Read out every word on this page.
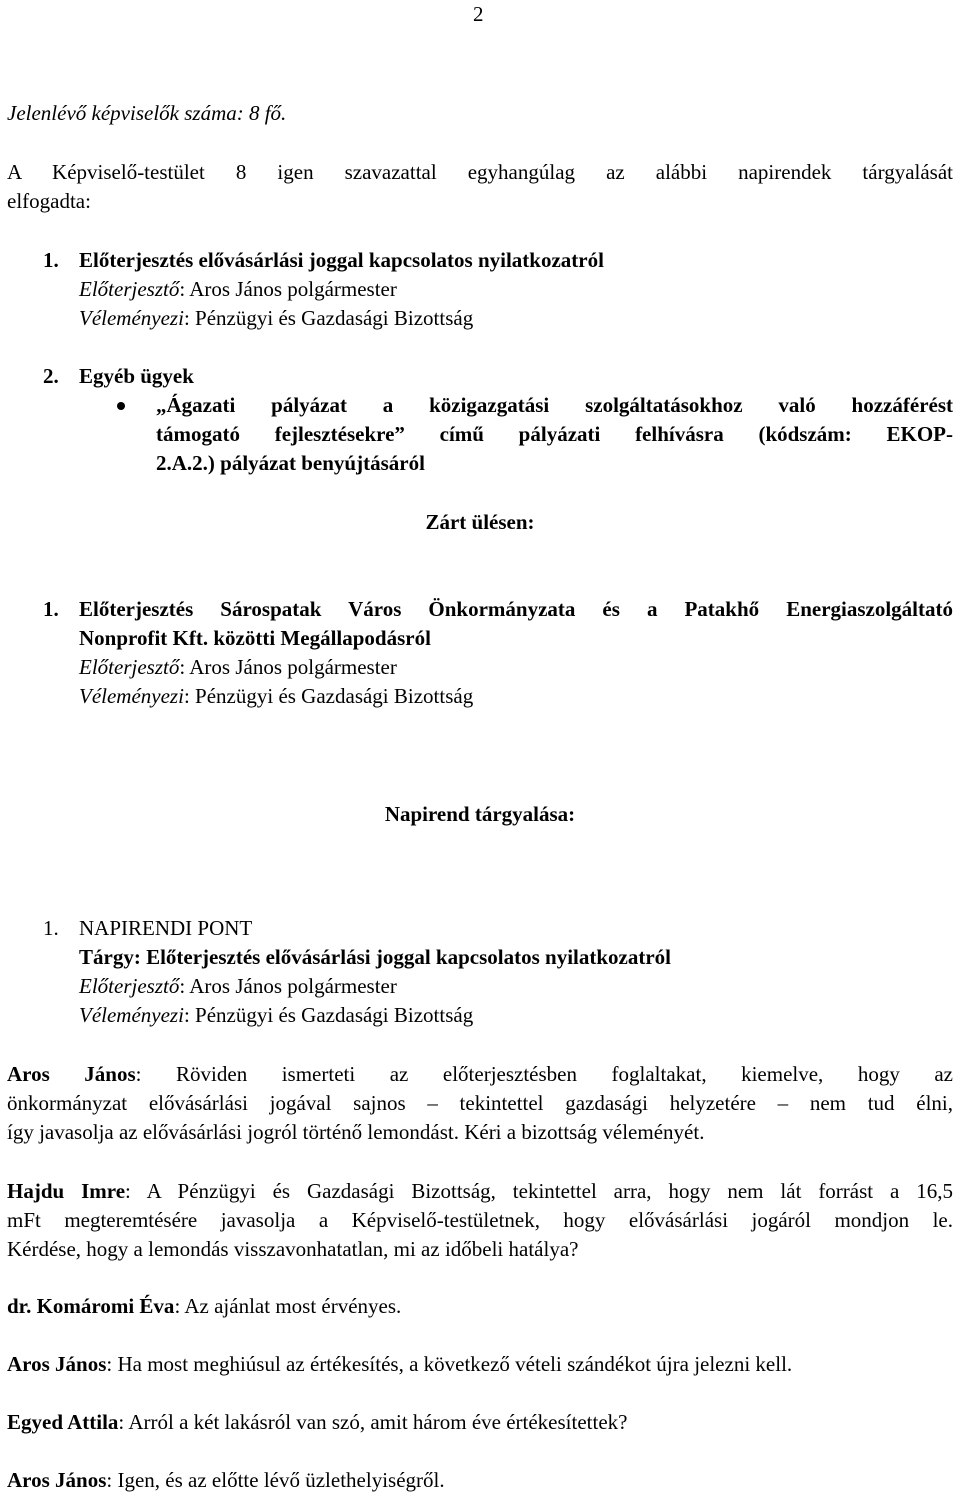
2
Jelenlévő képviselők száma: 8 fő.
A Képviselő-testület 8 igen szavazattal egyhangúlag az alábbi napirendek tárgyalását
elfogadta:
1. Előterjesztés elővásárlási joggal kapcsolatos nyilatkozatról
Előterjesztő: Aros János polgármester
Véleményezi: Pénzügyi és Gazdasági Bizottság
2. Egyéb ügyek
„Ágazati pályázat a közigazgatási szolgáltatásokhoz való hozzáférést
támogató fejlesztésekre” című pályázati felhívásra (kódszám: EKOP-
2.A.2.) pályázat benyújtásáról
Zárt ülésen:
1. Előterjesztés Sárospatak Város Önkormányzata és a Patakhő Energiaszolgáltató
Nonprofit Kft. közötti Megállapodásról
Előterjesztő: Aros János polgármester
Véleményezi: Pénzügyi és Gazdasági Bizottság
Napirend tárgyalása:
1. NAPIRENDI PONT
Tárgy: Előterjesztés elővásárlási joggal kapcsolatos nyilatkozatról
Előterjesztő: Aros János polgármester
Véleményezi: Pénzügyi és Gazdasági Bizottság
Aros János: Röviden ismerteti az előterjesztésben foglaltakat, kiemelve, hogy az
önkormányzat elővásárlási jogával sajnos – tekintettel gazdasági helyzetére – nem tud élni,
így javasolja az elővásárlási jogról történő lemondást. Kéri a bizottság véleményét.
Hajdu Imre: A Pénzügyi és Gazdasági Bizottság, tekintettel arra, hogy nem lát forrást a 16,5
mFt megteremtésére javasolja a Képviselő-testületnek, hogy elővásárlási jogáról mondjon le.
Kérdése, hogy a lemondás visszavonhatatlan, mi az időbeli hatálya?
dr. Komáromi Éva: Az ajánlat most érvényes.
Aros János: Ha most meghiúsul az értékesítés, a következő vételi szándékot újra jelezni kell.
Egyed Attila: Arról a két lakásról van szó, amit három éve értékesítettek?
Aros János: Igen, és az előtte lévő üzlethelyiségről.
